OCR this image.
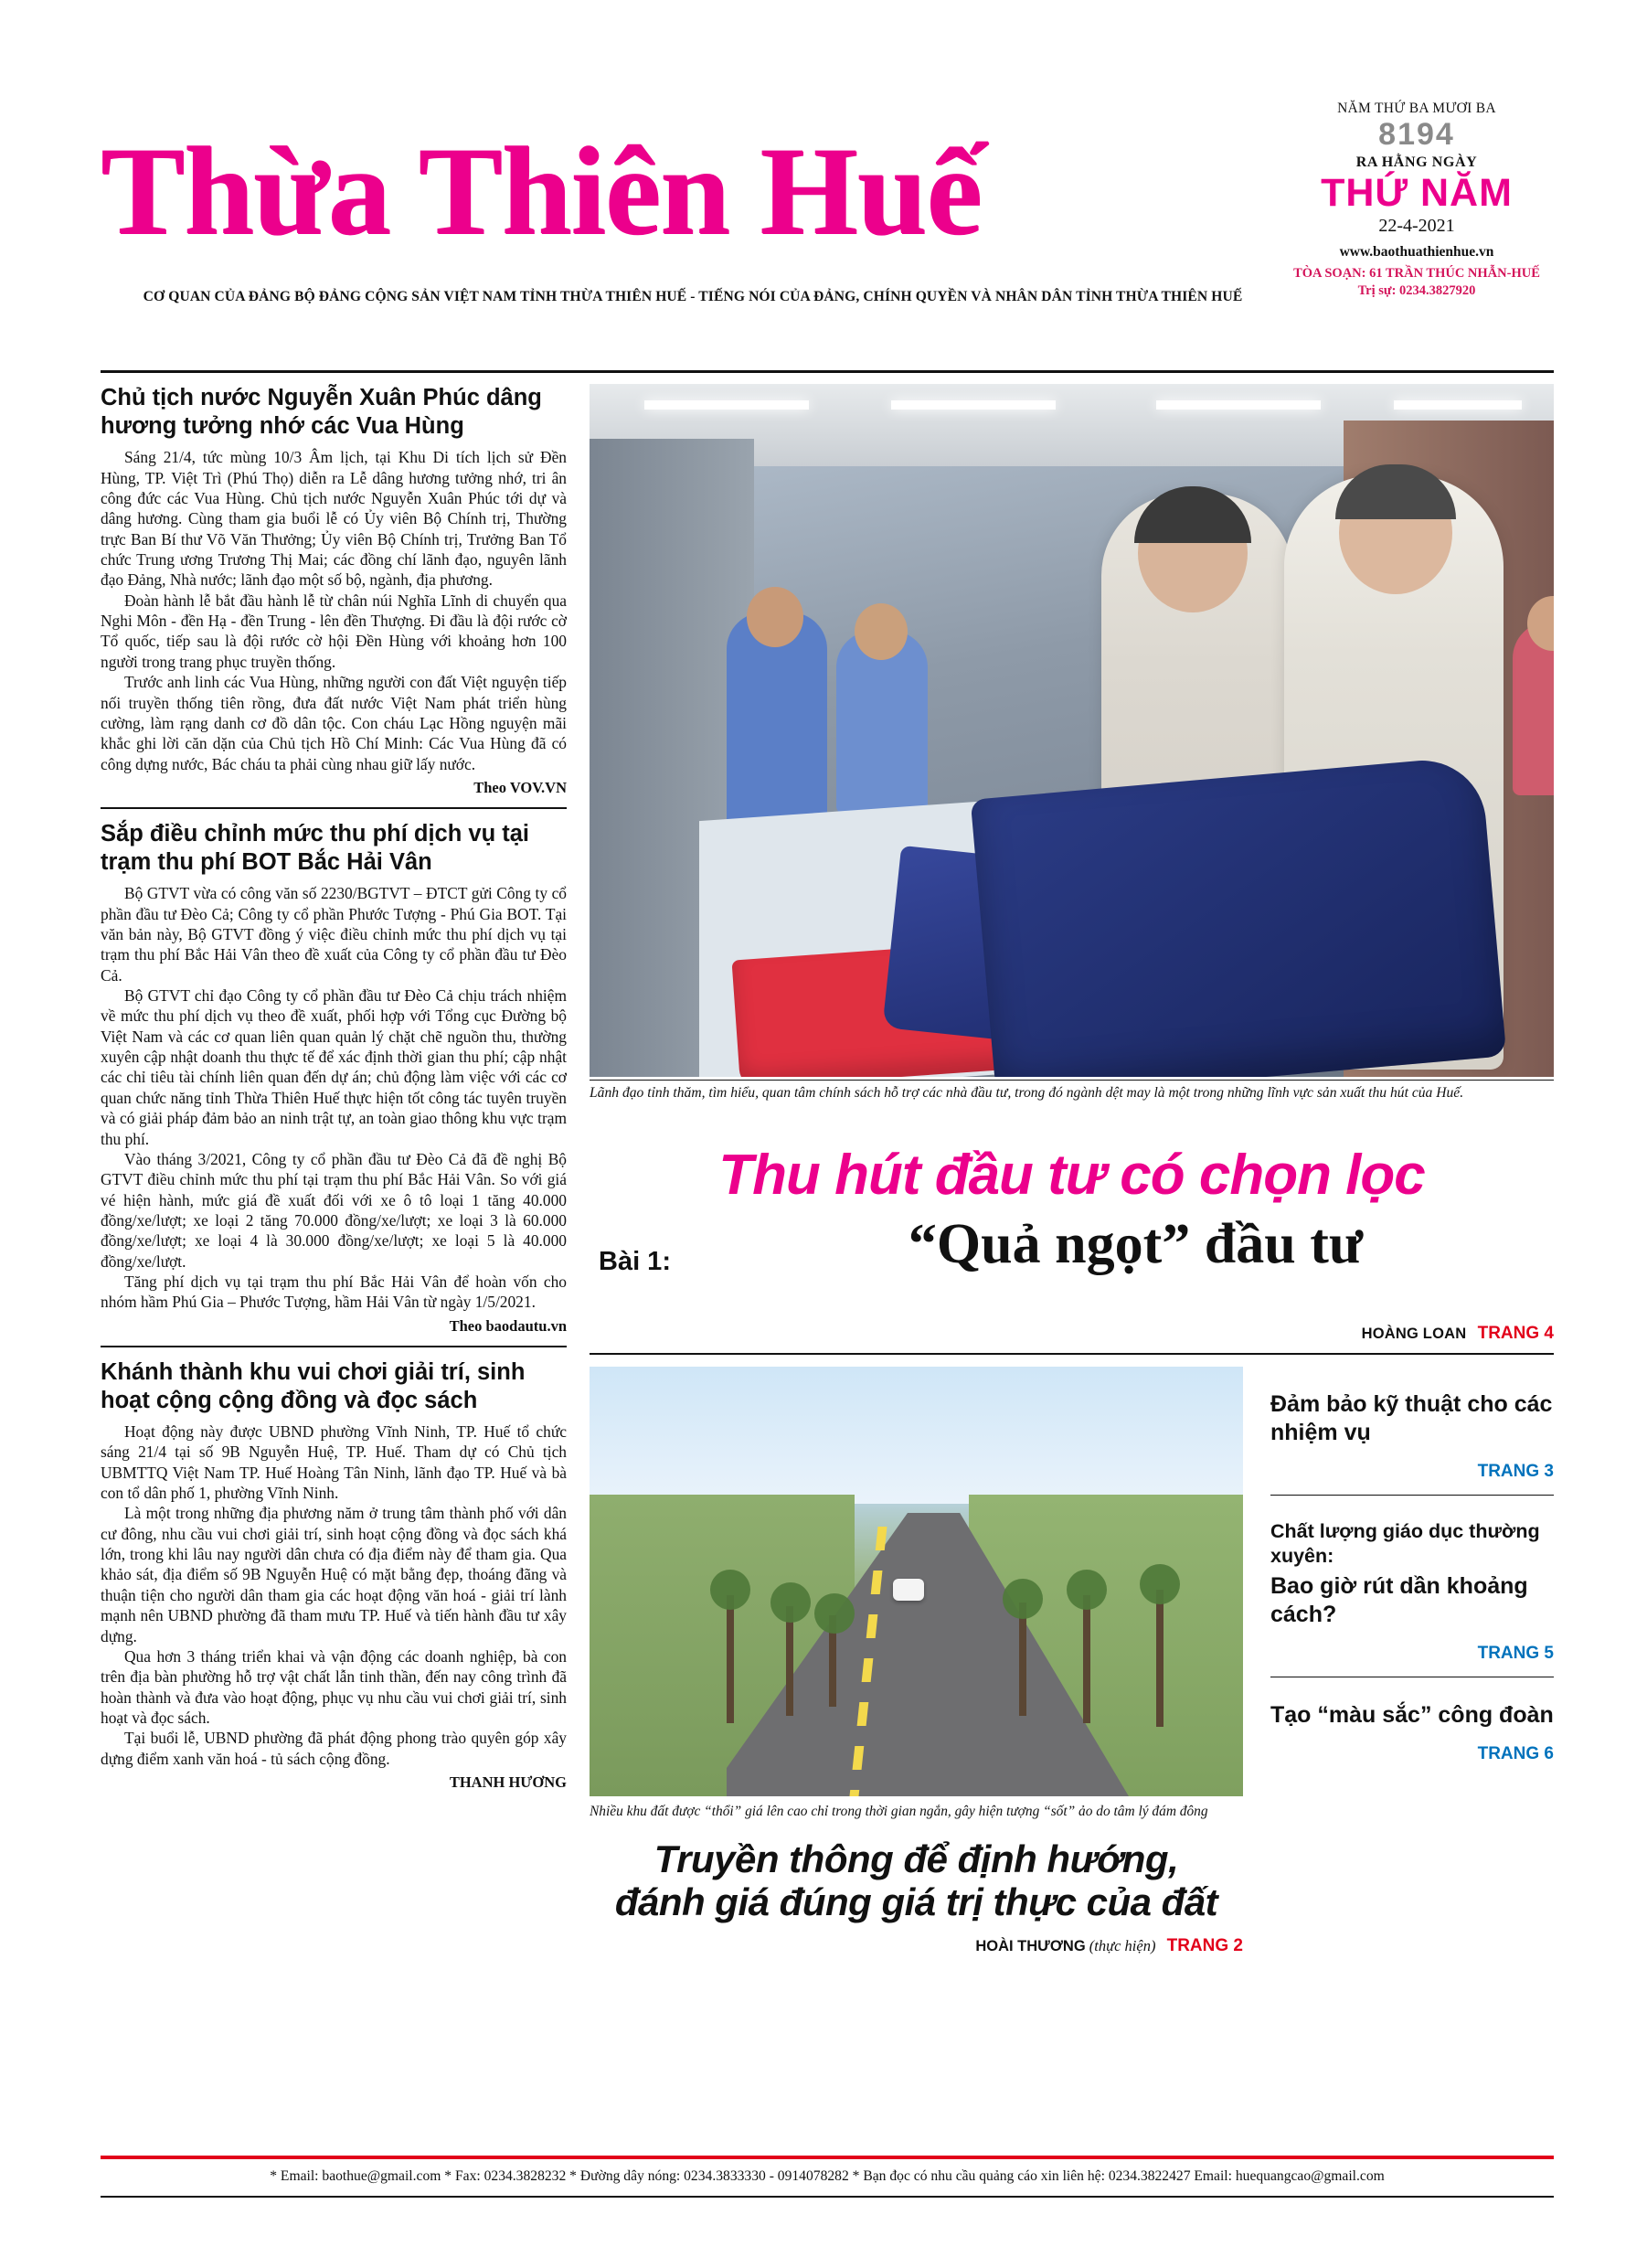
Thừa Thiên Huế
CƠ QUAN CỦA ĐẢNG BỘ ĐẢNG CỘNG SẢN VIỆT NAM TỈNH THỪA THIÊN HUẾ - TIẾNG NÓI CỦA ĐẢNG, CHÍNH QUYỀN VÀ NHÂN DÂN TỈNH THỪA THIÊN HUẾ
NĂM THỨ BA MƯƠI BA
8194
RA HẰNG NGÀY
THỨ NĂM
22-4-2021
www.baothuathienhue.vn
TÒA SOẠN: 61 TRẦN THÚC NHẪN-HUẾ
Trị sự: 0234.3827920
Chủ tịch nước Nguyễn Xuân Phúc dâng hương tưởng nhớ các Vua Hùng

Sáng 21/4, tức mùng 10/3 Âm lịch, tại Khu Di tích lịch sử Đền Hùng, TP. Việt Trì (Phú Thọ) diễn ra Lễ dâng hương tưởng nhớ, tri ân công đức các Vua Hùng. Chủ tịch nước Nguyễn Xuân Phúc tới dự và dâng hương. Cùng tham gia buổi lễ có Ủy viên Bộ Chính trị, Thường trực Ban Bí thư Võ Văn Thưởng; Ủy viên Bộ Chính trị, Trưởng Ban Tổ chức Trung ương Trương Thị Mai; các đồng chí lãnh đạo, nguyên lãnh đạo Đảng, Nhà nước; lãnh đạo một số bộ, ngành, địa phương.

Đoàn hành lễ bắt đầu hành lễ từ chân núi Nghĩa Lĩnh di chuyển qua Nghi Môn - đền Hạ - đền Trung - lên đền Thượng. Đi đầu là đội rước cờ Tổ quốc, tiếp sau là đội rước cờ hội Đền Hùng với khoảng hơn 100 người trong trang phục truyền thống.

Trước anh linh các Vua Hùng, những người con đất Việt nguyện tiếp nối truyền thống tiên rồng, đưa đất nước Việt Nam phát triển hùng cường, làm rạng danh cơ đồ dân tộc. Con cháu Lạc Hồng nguyện mãi khắc ghi lời căn dặn của Chủ tịch Hồ Chí Minh: Các Vua Hùng đã có công dựng nước, Bác cháu ta phải cùng nhau giữ lấy nước.

Theo VOV.VN
Sắp điều chỉnh mức thu phí dịch vụ tại trạm thu phí BOT Bắc Hải Vân

Bộ GTVT vừa có công văn số 2230/BGTVT – ĐTCT gửi Công ty cổ phần đầu tư Đèo Cả; Công ty cổ phần Phước Tượng - Phú Gia BOT. Tại văn bản này, Bộ GTVT đồng ý việc điều chỉnh mức thu phí dịch vụ tại trạm thu phí Bắc Hải Vân theo đề xuất của Công ty cổ phần đầu tư Đèo Cả.

Bộ GTVT chỉ đạo Công ty cổ phần đầu tư Đèo Cả chịu trách nhiệm về mức thu phí dịch vụ theo đề xuất, phối hợp với Tổng cục Đường bộ Việt Nam và các cơ quan liên quan quản lý chặt chẽ nguồn thu, thường xuyên cập nhật doanh thu thực tế để xác định thời gian thu phí; cập nhật các chỉ tiêu tài chính liên quan đến dự án; chủ động làm việc với các cơ quan chức năng tỉnh Thừa Thiên Huế thực hiện tốt công tác tuyên truyền và có giải pháp đảm bảo an ninh trật tự, an toàn giao thông khu vực trạm thu phí.

Vào tháng 3/2021, Công ty cổ phần đầu tư Đèo Cả đã đề nghị Bộ GTVT điều chỉnh mức thu phí tại trạm thu phí Bắc Hải Vân. So với giá vé hiện hành, mức giá đề xuất đối với xe ô tô loại 1 tăng 40.000 đồng/xe/lượt; xe loại 2 tăng 70.000 đồng/xe/lượt; xe loại 3 là 60.000 đồng/xe/lượt; xe loại 4 là 30.000 đồng/xe/lượt; xe loại 5 là 40.000 đồng/xe/lượt.

Tăng phí dịch vụ tại trạm thu phí Bắc Hải Vân để hoàn vốn cho nhóm hầm Phú Gia – Phước Tượng, hầm Hải Vân từ ngày 1/5/2021.

Theo baodautu.vn
Khánh thành khu vui chơi giải trí, sinh hoạt cộng cộng đồng và đọc sách

Hoạt động này được UBND phường Vĩnh Ninh, TP. Huế tổ chức sáng 21/4 tại số 9B Nguyễn Huệ, TP. Huế. Tham dự có Chủ tịch UBMTTQ Việt Nam TP. Huế Hoàng Tân Ninh, lãnh đạo TP. Huế và bà con tổ dân phố 1, phường Vĩnh Ninh.

Là một trong những địa phương năm ở trung tâm thành phố với dân cư đông, nhu cầu vui chơi giải trí, sinh hoạt cộng đồng và đọc sách khá lớn, trong khi lâu nay người dân chưa có địa điểm này để tham gia. Qua khảo sát, địa điểm số 9B Nguyễn Huệ có mặt bằng đẹp, thoáng đãng và thuận tiện cho người dân tham gia các hoạt động văn hoá - giải trí lành mạnh nên UBND phường đã tham mưu TP. Huế và tiến hành đầu tư xây dựng.

Qua hơn 3 tháng triển khai và vận động các doanh nghiệp, bà con trên địa bàn phường hỗ trợ vật chất lẫn tinh thần, đến nay công trình đã hoàn thành và đưa vào hoạt động, phục vụ nhu cầu vui chơi giải trí, sinh hoạt và đọc sách.

Tại buổi lễ, UBND phường đã phát động phong trào quyên góp xây dựng điểm xanh văn hoá - tủ sách cộng đồng.

THANH HƯƠNG
Lãnh đạo tỉnh thăm, tìm hiểu, quan tâm chính sách hỗ trợ các nhà đầu tư, trong đó ngành dệt may là một trong những lĩnh vực sản xuất thu hút của Huế.
Thu hút đầu tư có chọn lọc
Bài 1:	“Quả ngọt” đầu tư
HOÀNG LOAN TRANG 4
Nhiều khu đất được “thổi” giá lên cao chỉ trong thời gian ngắn, gây hiện tượng “sốt” ảo do tâm lý đám đông
Truyền thông để định hướng,
đánh giá đúng giá trị thực của đất
HOÀI THƯƠNG (thực hiện) TRANG 2
Đảm bảo kỹ thuật cho các nhiệm vụ
TRANG 3
Chất lượng giáo dục thường xuyên:
Bao giờ rút dần khoảng cách?
TRANG 5
Tạo “màu sắc” công đoàn
TRANG 6
* Email: baothue@gmail.com * Fax: 0234.3828232 * Đường dây nóng: 0234.3833330 - 0914078282 * Bạn đọc có nhu cầu quảng cáo xin liên hệ: 0234.3822427 Email: huequangcao@gmail.com
